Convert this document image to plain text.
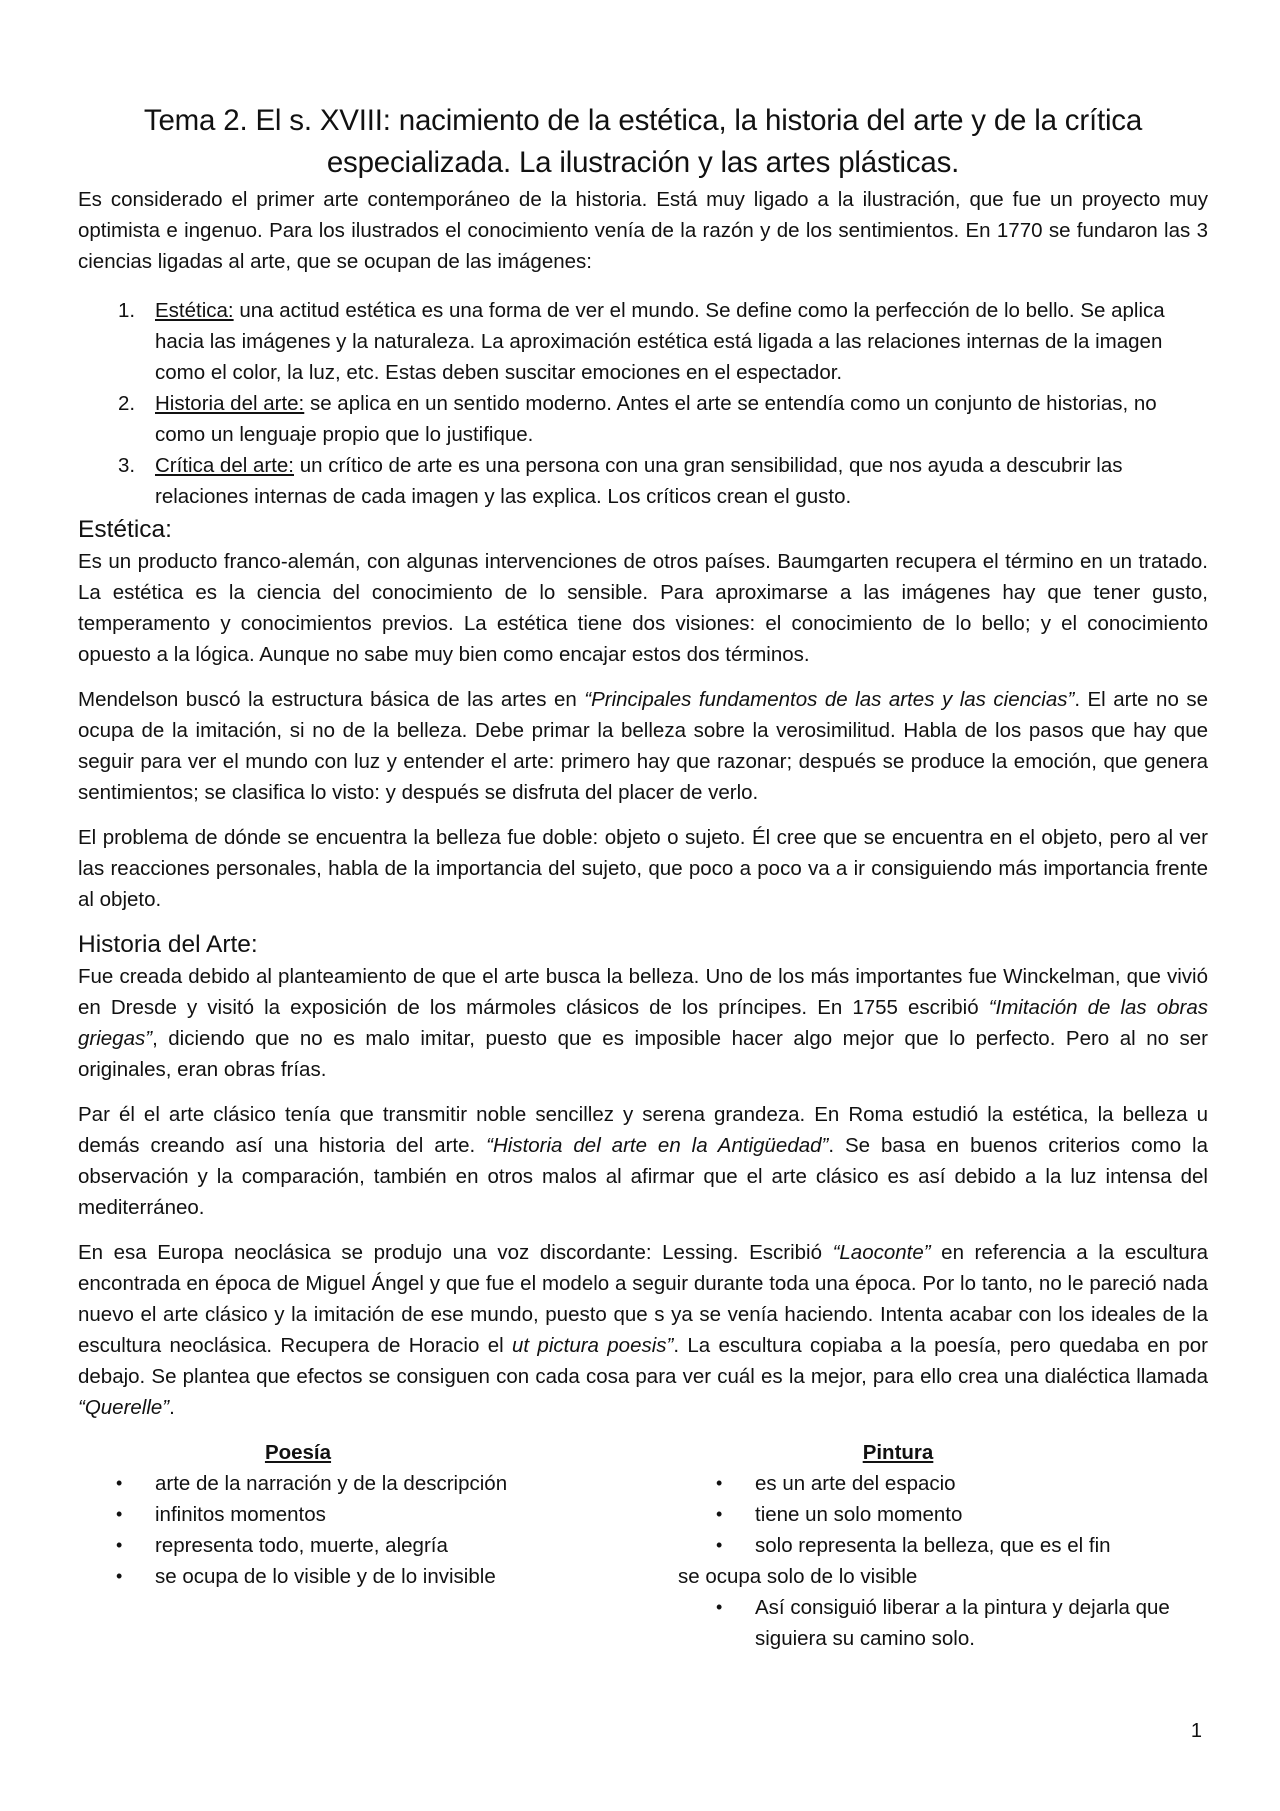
Tema 2. El s. XVIII: nacimiento de la estética, la historia del arte y de la crítica especializada. La ilustración y las artes plásticas.

Es considerado el primer arte contemporáneo de la historia. Está muy ligado a la ilustración, que fue un proyecto muy optimista e ingenuo. Para los ilustrados el conocimiento venía de la razón y de los sentimientos. En 1770 se fundaron las 3 ciencias ligadas al arte, que se ocupan de las imágenes:

1. Estética: una actitud estética es una forma de ver el mundo. Se define como la perfección de lo bello. Se aplica hacia las imágenes y la naturaleza. La aproximación estética está ligada a las relaciones internas de la imagen como el color, la luz, etc. Estas deben suscitar emociones en el espectador.
2. Historia del arte: se aplica en un sentido moderno. Antes el arte se entendía como un conjunto de historias, no como un lenguaje propio que lo justifique.
3. Crítica del arte: un crítico de arte es una persona con una gran sensibilidad, que nos ayuda a descubrir las relaciones internas de cada imagen y las explica. Los críticos crean el gusto.
Estética:

Es un producto franco-alemán, con algunas intervenciones de otros países. Baumgarten recupera el término en un tratado. La estética es la ciencia del conocimiento de lo sensible. Para aproximarse a las imágenes hay que tener gusto, temperamento y conocimientos previos. La estética tiene dos visiones: el conocimiento de lo bello; y el conocimiento opuesto a la lógica. Aunque no sabe muy bien como encajar estos dos términos.

Mendelson buscó la estructura básica de las artes en “Principales fundamentos de las artes y las ciencias”. El arte no se ocupa de la imitación, si no de la belleza. Debe primar la belleza sobre la verosimilitud. Habla de los pasos que hay que seguir para ver el mundo con luz y entender el arte: primero hay que razonar; después se produce la emoción, que genera sentimientos; se clasifica lo visto: y después se disfruta del placer de verlo.

El problema de dónde se encuentra la belleza fue doble: objeto o sujeto. Él cree que se encuentra en el objeto, pero al ver las reacciones personales, habla de la importancia del sujeto, que poco a poco va a ir consiguiendo más importancia frente al objeto.

Historia del Arte:

Fue creada debido al planteamiento de que el arte busca la belleza. Uno de los más importantes fue Winckelman, que vivió en Dresde y visitó la exposición de los mármoles clásicos de los príncipes. En 1755 escribió “Imitación de las obras griegas”, diciendo que no es malo imitar, puesto que es imposible hacer algo mejor que lo perfecto. Pero al no ser originales, eran obras frías.

Par él el arte clásico tenía que transmitir noble sencillez y serena grandeza. En Roma estudió la estética, la belleza u demás creando así una historia del arte. “Historia del arte en la Antigüedad”. Se basa en buenos criterios como la observación y la comparación, también en otros malos al afirmar que el arte clásico es así debido a la luz intensa del mediterráneo.

En esa Europa neoclásica se produjo una voz discordante: Lessing. Escribió “Laoconte” en referencia a la escultura encontrada en época de Miguel Ángel y que fue el modelo a seguir durante toda una época. Por lo tanto, no le pareció nada nuevo el arte clásico y la imitación de ese mundo, puesto que s ya se venía haciendo. Intenta acabar con los ideales de la escultura neoclásica. Recupera de Horacio el ut pictura poesis”. La escultura copiaba a la poesía, pero quedaba en por debajo. Se plantea que efectos se consiguen con cada cosa para ver cuál es la mejor, para ello crea una dialéctica llamada “Querelle”.

Poesía
• arte de la narración y de la descripción
• infinitos momentos
• representa todo, muerte, alegría
• se ocupa de lo visible y de lo invisible
Pintura
• es un arte del espacio
• tiene un solo momento
• solo representa la belleza, que es el fin
se ocupa solo de lo visible
• Así consiguió liberar a la pintura y dejarla que siguiera su camino solo.
1
